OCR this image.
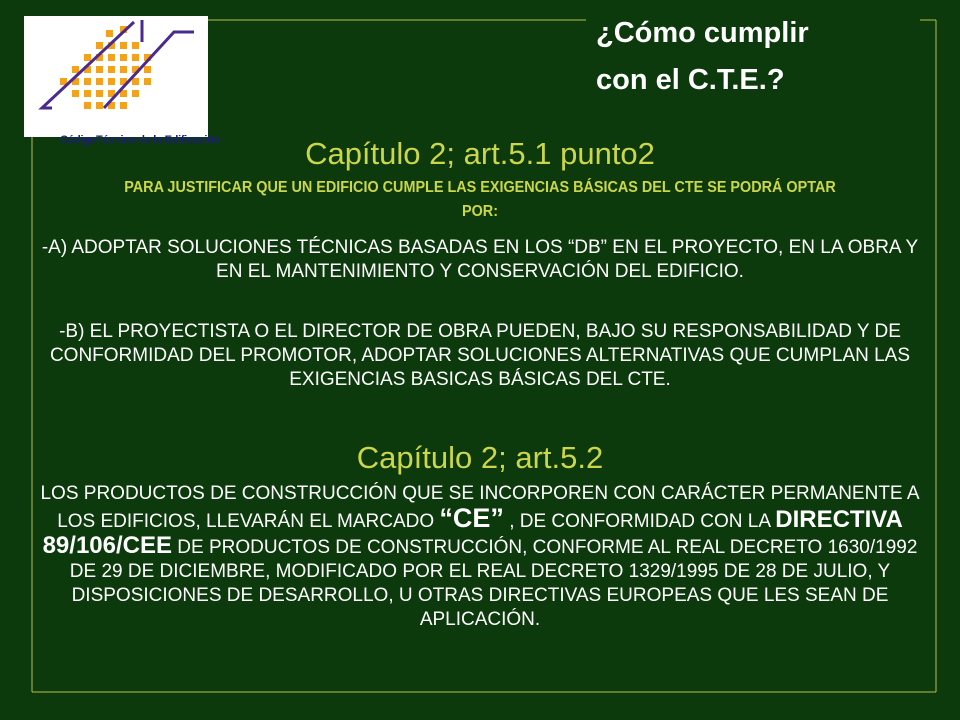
CódigoTécnico de la Edificación
¿Cómo cumplir
con el C.T.E.?
Capítulo 2; art.5.1 punto2
PARA JUSTIFICAR QUE UN EDIFICIO CUMPLE LAS EXIGENCIAS BÁSICAS DEL CTE SE PODRÁ OPTAR POR:
-A) ADOPTAR SOLUCIONES TÉCNICAS BASADAS EN LOS “DB” EN EL PROYECTO, EN LA OBRA Y EN EL MANTENIMIENTO Y CONSERVACIÓN DEL EDIFICIO.
-B) EL PROYECTISTA O EL DIRECTOR DE OBRA PUEDEN, BAJO SU RESPONSABILIDAD Y DE CONFORMIDAD DEL PROMOTOR, ADOPTAR SOLUCIONES ALTERNATIVAS QUE CUMPLAN LAS EXIGENCIAS BASICAS BÁSICAS DEL CTE.
Capítulo 2; art.5.2
LOS PRODUCTOS DE CONSTRUCCIÓN QUE SE INCORPOREN CON CARÁCTER PERMANENTE A LOS EDIFICIOS, LLEVARÁN EL MARCADO “CE” , DE CONFORMIDAD CON LA DIRECTIVA 89/106/CEE DE PRODUCTOS DE CONSTRUCCIÓN, CONFORME AL REAL DECRETO 1630/1992 DE 29 DE DICIEMBRE, MODIFICADO POR EL REAL DECRETO 1329/1995 DE 28 DE JULIO, Y DISPOSICIONES DE DESARROLLO, U OTRAS DIRECTIVAS EUROPEAS QUE LES SEAN DE APLICACIÓN.
